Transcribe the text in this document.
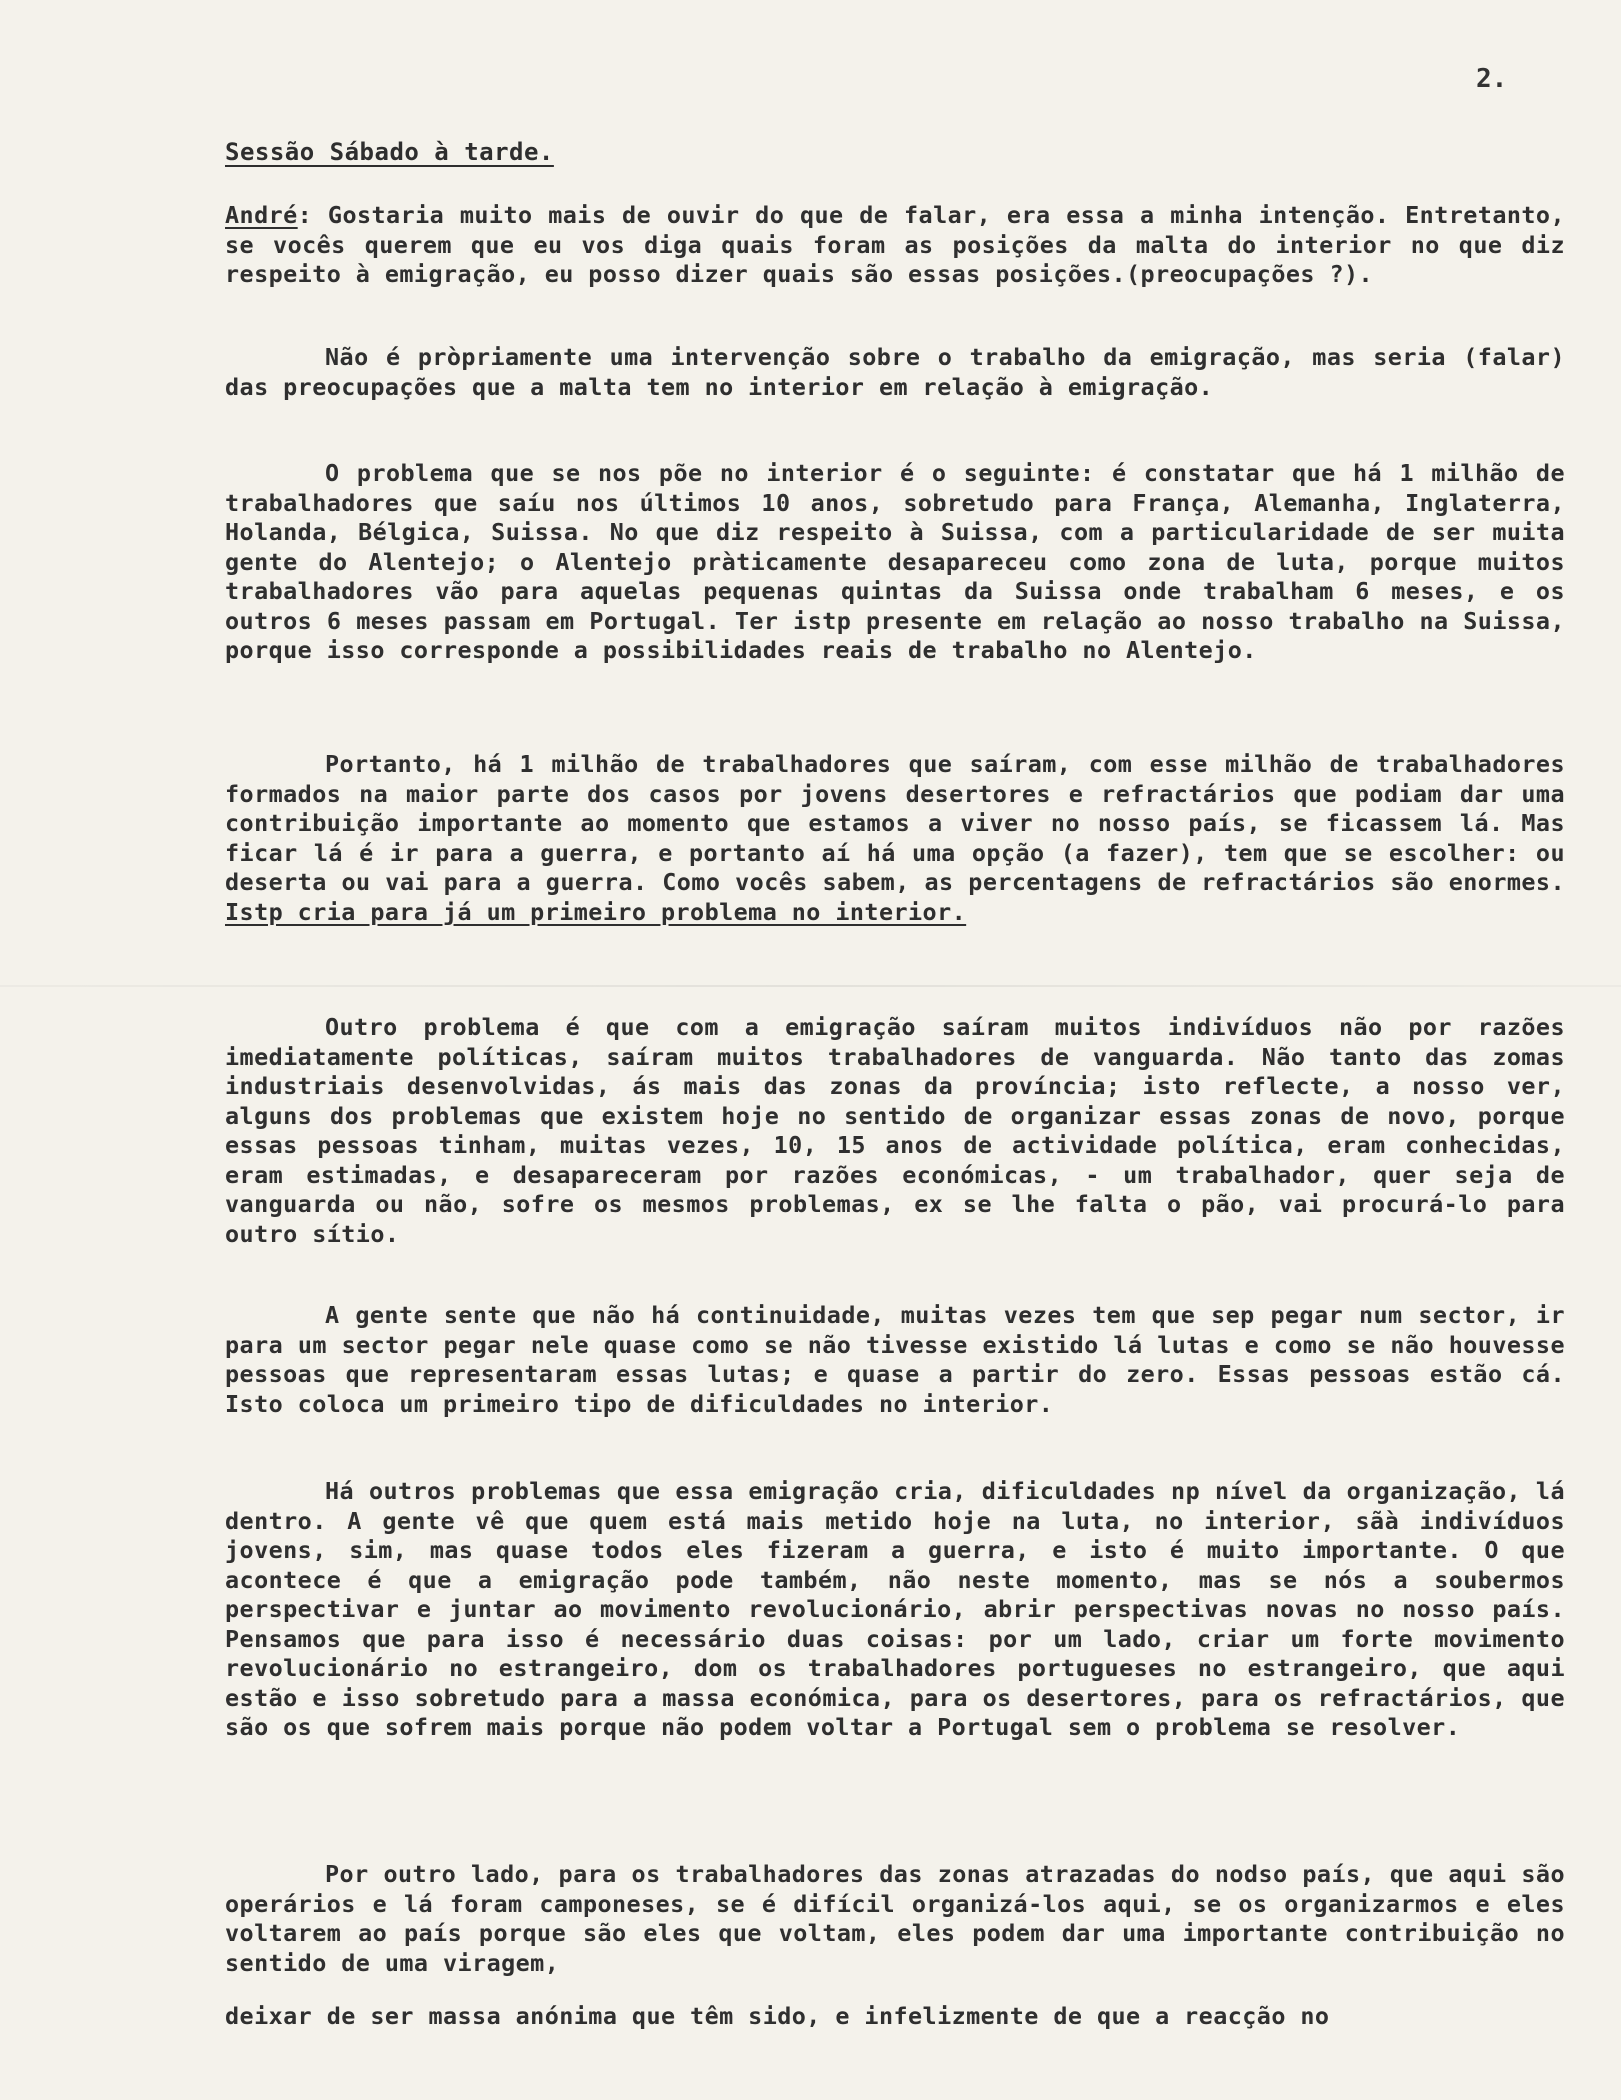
2.
Sessão Sábado à tarde.

André: Gostaria muito mais de ouvir do que de falar, era essa a minha intenção. Entretanto, se vocês querem que eu vos diga quais foram as posições da malta do interior no que diz respeito à emigração, eu posso dizer quais são essas posições.(preocupações ?).

Não é pròpriamente uma intervenção sobre o trabalho da emigração, mas seria (falar) das preocupações que a malta tem no interior em relação à emigração.

O problema que se nos põe no interior é o seguinte: é constatar que há 1 milhão de trabalhadores que saíu nos últimos 10 anos, sobretudo para França, Alemanha, Inglaterra, Holanda, Bélgica, Suissa. No que diz respeito à Suissa, com a particularidade de ser muita gente do Alentejo; o Alentejo pràticamente desapareceu como zona de luta, porque muitos trabalhadores vão para aquelas pequenas quintas da Suissa onde trabalham 6 meses, e os outros 6 meses passam em Portugal. Ter istp presente em relação ao nosso trabalho na Suissa, porque isso corresponde a possibilidades reais de trabalho no Alentejo.

Portanto, há 1 milhão de trabalhadores que saíram, com esse milhão de trabalhadores formados na maior parte dos casos por jovens desertores e refractários que podiam dar uma contribuição importante ao momento que estamos a viver no nosso país, se ficassem lá. Mas ficar lá é ir para a guerra, e portanto aí há uma opção (a fazer), tem que se escolher: ou deserta ou vai para a guerra. Como vocês sabem, as percentagens de refractários são enormes. Istp cria para já um primeiro problema no interior.

Outro problema é que com a emigração saíram muitos indivíduos não por razões imediatamente políticas, saíram muitos trabalhadores de vanguarda. Não tanto das zomas industriais desenvolvidas, ás mais das zonas da província; isto reflecte, a nosso ver, alguns dos problemas que existem hoje no sentido de organizar essas zonas de novo, porque essas pessoas tinham, muitas vezes, 10, 15 anos de actividade política, eram conhecidas, eram estimadas, e desapareceram por razões económicas, - um trabalhador, quer seja de vanguarda ou não, sofre os mesmos problemas, ex se lhe falta o pão, vai procurá-lo para outro sítio.

A gente sente que não há continuidade, muitas vezes tem que sep pegar num sector, ir para um sector pegar nele quase como se não tivesse existido lá lutas e como se não houvesse pessoas que representaram essas lutas; e quase a partir do zero. Essas pessoas estão cá. Isto coloca um primeiro tipo de dificuldades no interior.

Há outros problemas que essa emigração cria, dificuldades np nível da organização, lá dentro. A gente vê que quem está mais metido hoje na luta, no interior, sãà indivíduos jovens, sim, mas quase todos eles fizeram a guerra, e isto é muito importante. O que acontece é que a emigração pode também, não neste momento, mas se nós a soubermos perspectivar e juntar ao movimento revolucionário, abrir perspectivas novas no nosso país. Pensamos que para isso é necessário duas coisas: por um lado, criar um forte movimento revolucionário no estrangeiro, dom os trabalhadores portugueses no estrangeiro, que aqui estão e isso sobretudo para a massa económica, para os desertores, para os refractários, que são os que sofrem mais porque não podem voltar a Portugal sem o problema se resolver.

Por outro lado, para os trabalhadores das zonas atrazadas do nodso país, que aqui são operários e lá foram camponeses, se é difícil organizá-los aqui, se os organizarmos e eles voltarem ao país porque são eles que voltam, eles podem dar uma importante contribuição no sentido de uma viragem,

deixar de ser massa anónima que têm sido, e infelizmente de que a reacção no
